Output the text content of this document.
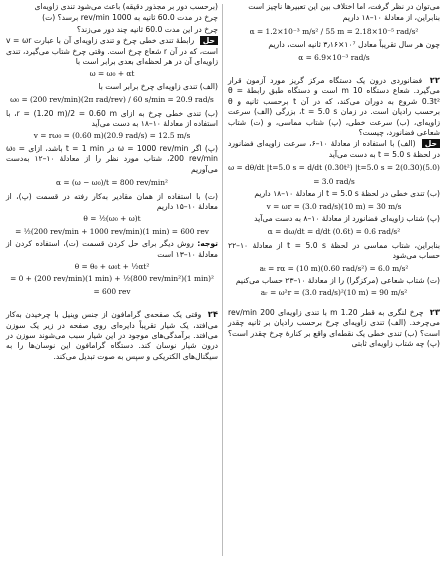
می‌توان در نظر گرفت، اما اختلاف بین این تعبیرها ناچیز است

بنابراین، از معادلهٔ ۱۰–۱۸ داریم

α = 1.2×10⁻³ m/s² / 55 m = 2.18×10⁻⁵ rad/s²

چون هر سال تقریباً معادل ۱۰⁷×۳٫۱۶ ثانیه است، داریم

α = 6.9×10⁻³ rad/s

۲۲ فضانوردی درون یک دستگاه مرکز گریز مورد آزمون قرار می‌گیرد. شعاع دستگاه 10 m است و دستگاه طبق رابطهٔ θ = 0.3t² شروع به دوران می‌کند، که در آن t برحسب ثانیه و θ برحسب رادیان است. در زمان t = 5.0 s، بزرگی (الف) سرعت زاویه‌ای، (ب) سرعت خطی، (پ) شتاب مماسی، و (ت) شتاب شعاعی فضانورد، چیست؟

حل (الف) با استفاده از معادلهٔ ۱۰–۶، سرعت زاویه‌ای فضانورد در لحظهٔ t = 5.0 s به دست می‌آید

ω = dθ/dt |t=5.0 s = d/dt (0.30t²) |t=5.0 s = 2(0.30)(5.0)
= 3.0 rad/s

(ب) تندی خطی در لحظهٔ t = 5.0 s از معادلهٔ ۱۰–۱۸ داریم

v = ωr = (3.0 rad/s)(10 m) = 30 m/s

(پ) شتاب زاویه‌ای فضانورد از معادلهٔ ۱۰–۸ به دست می‌آید

α = dω/dt = d/dt (0.6t) = 0.6 rad/s²

بنابراین، شتاب مماسی در لحظهٔ t = 5.0 s از معادلهٔ ۱۰–۲۲ حساب می‌شود

aₜ = rα = (10 m)(0.60 rad/s²) = 6.0 m/s²

(ت) شتاب شعاعی (مرکزگرا) را از معادلهٔ ۱۰–۲۳ حساب می‌کنیم

aᵣ = ω²r = (3.0 rad/s)²(10 m) = 90 m/s²

۲۳ چرخ لنگری به قطر 1.20 m با تندی زاویه‌ای 200 rev/min می‌چرخد. (الف) تندی زاویه‌ای چرخ برحسب رادیان بر ثانیه چقدر است؟ (ب) تندی خطی یک نقطه‌ای واقع بر کنارهٔ چرخ چقدر است؟ (پ) چه شتاب زاویه‌ای ثابتی

(برحسب دور بر مجذور دقیقه) باعث می‌شود تندی زاویه‌ای

چرخ در مدت 60.0 ثانیه به 1000 rev/min برسد؟ (ت)

چرخ در این مدت 60.0 ثانیه چند دور می‌زند؟

حل رابطهٔ تندی خطی چرخ و تندی زاویه‌ای آن با عبارت v = ωr است، که در آن r شعاع چرخ است. وقتی چرخ شتاب می‌گیرد، تندی زاویه‌ای آن در هر لحظه‌ای بعدی برابر است با

ω = ω₀ + αt

(الف) تندی زاویه‌ای چرخ برابر است با

ω₀ = (200 rev/min)(2π rad/rev) / 60 s/min = 20.9 rad/s

(ب) تندی خطی چرخ به ازای r = (1.20 m)/2 = 0.60 m، با استفاده از معادلهٔ ۱۰–۱۸ به دست می‌آید

v = rω₀ = (0.60 m)(20.9 rad/s) = 12.5 m/s

(پ) اگر ω = 1000 rev/min در t = 1 min باشد، ازای ω₀ = 200 rev/min، شتاب مورد نظر را از معادلهٔ ۱۰–۱۲ به‌دست می‌آوریم

α = (ω − ω₀)/t = 800 rev/min²

(ت) با استفاده از همان مقادیر به‌کار رفته در قسمت (پ)، از معادلهٔ ۱۰–۱۵ داریم

θ = ½(ω₀ + ω)t
= ½(200 rev/min + 1000 rev/min)(1 min) = 600 rev

توجه: روش دیگر برای حل کردن قسمت (ت)، استفاده کردن از معادلهٔ ۱۰–۱۳ است

θ = θ₀ + ω₀t + ½αt²
= 0 + (200 rev/min)(1 min) + ½(800 rev/min²)(1 min)²
= 600 rev

۲۴ وقتی یک صفحه‌ی گرامافون از جنس وینیل با چرخیدن به‌کار می‌افتد، یک شیار تقریباً دایره‌ای روی صفحه در زیر یک سوزن می‌افتد. برآمدگی‌های موجود در این شیار سبب می‌شوند سوزن در درون شیار نوسان کند. دستگاه گرامافون این نوسان‌ها را به سیگنال‌های الکتریکی و سپس به صوت تبدیل می‌کند.
